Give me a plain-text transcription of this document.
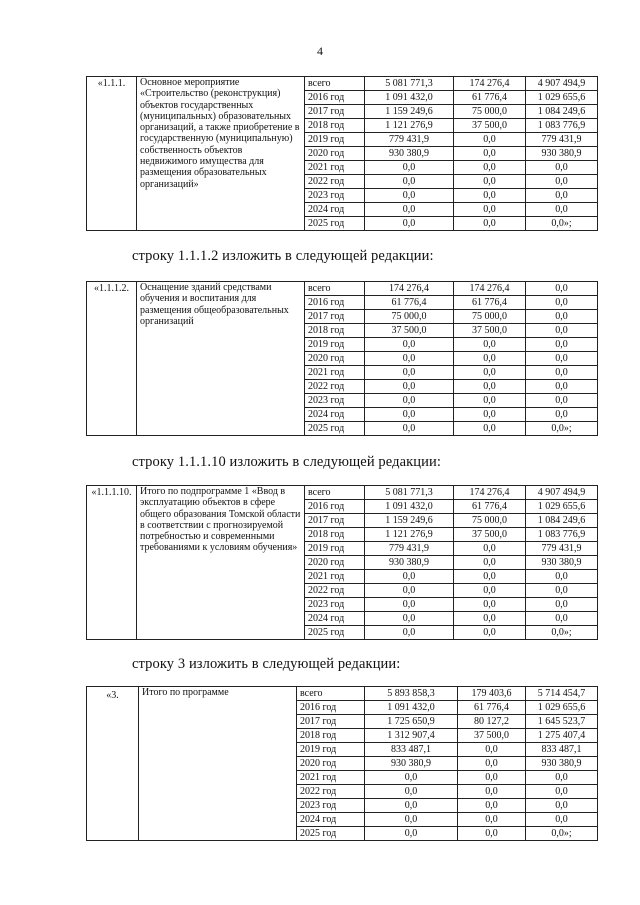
4
«1.1.1.	Основное мероприятие «Строительство (реконструкция) объектов государственных (муниципальных) образовательных организаций, а также приобретение в государственную (муниципальную) собственность объектов недвижимого имущества для размещения образовательных организаций»	всего	5 081 771,3	174 276,4	4 907 494,9
		2016 год	1 091 432,0	61 776,4	1 029 655,6
		2017 год	1 159 249,6	75 000,0	1 084 249,6
		2018 год	1 121 276,9	37 500,0	1 083 776,9
		2019 год	779 431,9	0,0	779 431,9
		2020 год	930 380,9	0,0	930 380,9
		2021 год	0,0	0,0	0,0
		2022 год	0,0	0,0	0,0
		2023 год	0,0	0,0	0,0
		2024 год	0,0	0,0	0,0
		2025 год	0,0	0,0	0,0»;
строку 1.1.1.2 изложить в следующей редакции:
«1.1.1.2.	Оснащение зданий средствами обучения и воспитания для размещения общеобразовательных организаций	всего	174 276,4	174 276,4	0,0
		2016 год	61 776,4	61 776,4	0,0
		2017 год	75 000,0	75 000,0	0,0
		2018 год	37 500,0	37 500,0	0,0
		2019 год	0,0	0,0	0,0
		2020 год	0,0	0,0	0,0
		2021 год	0,0	0,0	0,0
		2022 год	0,0	0,0	0,0
		2023 год	0,0	0,0	0,0
		2024 год	0,0	0,0	0,0
		2025 год	0,0	0,0	0,0»;
строку 1.1.1.10 изложить в следующей редакции:
«1.1.1.10.	Итого по подпрограмме 1 «Ввод в эксплуатацию объектов в сфере общего образования Томской области в соответствии с прогнозируемой потребностью и современными требованиями к условиям обучения»	всего	5 081 771,3	174 276,4	4 907 494,9
		2016 год	1 091 432,0	61 776,4	1 029 655,6
		2017 год	1 159 249,6	75 000,0	1 084 249,6
		2018 год	1 121 276,9	37 500,0	1 083 776,9
		2019 год	779 431,9	0,0	779 431,9
		2020 год	930 380,9	0,0	930 380,9
		2021 год	0,0	0,0	0,0
		2022 год	0,0	0,0	0,0
		2023 год	0,0	0,0	0,0
		2024 год	0,0	0,0	0,0
		2025 год	0,0	0,0	0,0»;
строку 3 изложить в следующей редакции:
«3.	Итого по программе	всего	5 893 858,3	179 403,6	5 714 454,7
		2016 год	1 091 432,0	61 776,4	1 029 655,6
		2017 год	1 725 650,9	80 127,2	1 645 523,7
		2018 год	1 312 907,4	37 500,0	1 275 407,4
		2019 год	833 487,1	0,0	833 487,1
		2020 год	930 380,9	0,0	930 380,9
		2021 год	0,0	0,0	0,0
		2022 год	0,0	0,0	0,0
		2023 год	0,0	0,0	0,0
		2024 год	0,0	0,0	0,0
		2025 год	0,0	0,0	0,0»;
